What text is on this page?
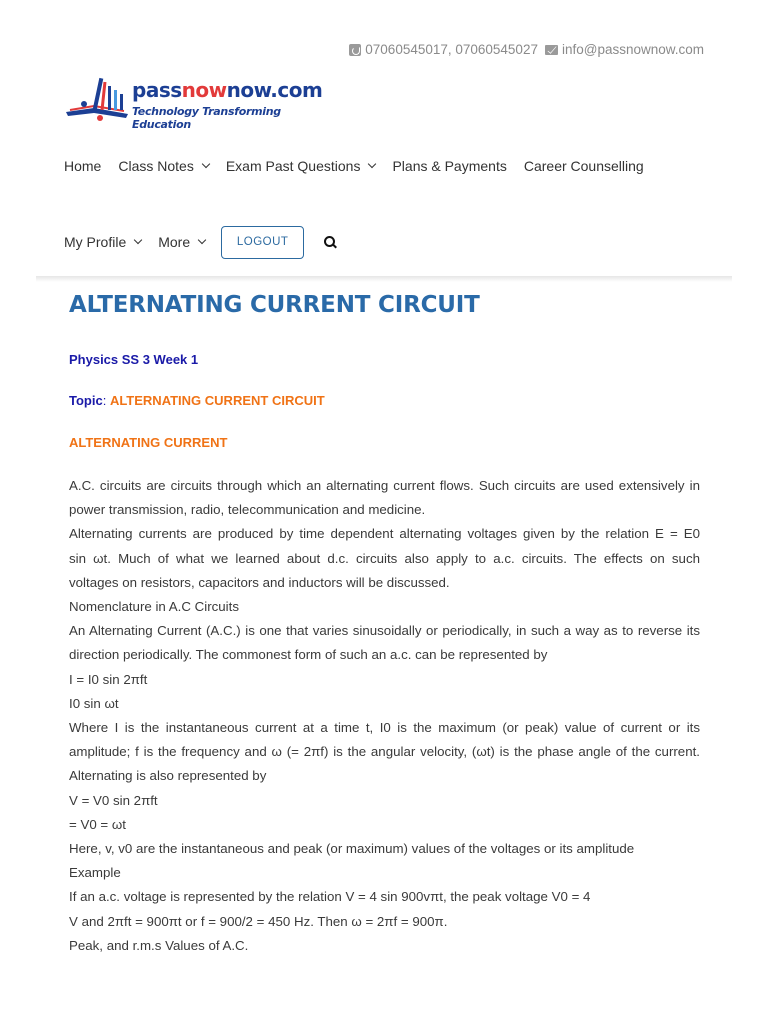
07060545017, 07060545027 info@passnownow.com
passnownow.com
Technology Transforming Education
Home Class Notes Exam Past Questions Plans & Payments Career Counselling
My Profile More	LOGOUT
ALTERNATING CURRENT CIRCUIT
Physics SS 3 Week 1
Topic: ALTERNATING CURRENT CIRCUIT
ALTERNATING CURRENT
A.C. circuits are circuits through which an alternating current flows. Such circuits are used extensively in
power transmission, radio, telecommunication and medicine.
Alternating currents are produced by time dependent alternating voltages given by the relation E = E0
sin ωt. Much of what we learned about d.c. circuits also apply to a.c. circuits. The effects on such
voltages on resistors, capacitors and inductors will be discussed.
Nomenclature in A.C Circuits
An Alternating Current (A.C.) is one that varies sinusoidally or periodically, in such a way as to reverse its
direction periodically. The commonest form of such an a.c. can be represented by
I = I0 sin 2πft
I0 sin ωt
Where I is the instantaneous current at a time t, I0 is the maximum (or peak) value of current or its
amplitude; f is the frequency and ω (= 2πf) is the angular velocity, (ωt) is the phase angle of the current.
Alternating is also represented by
V = V0 sin 2πft
= V0 = ωt
Here, v, v0 are the instantaneous and peak (or maximum) values of the voltages or its amplitude
Example
If an a.c. voltage is represented by the relation V = 4 sin 900vπt, the peak voltage V0 = 4
V and 2πft = 900πt or f = 900/2 = 450 Hz. Then ω = 2πf = 900π.
Peak, and r.m.s Values of A.C.
